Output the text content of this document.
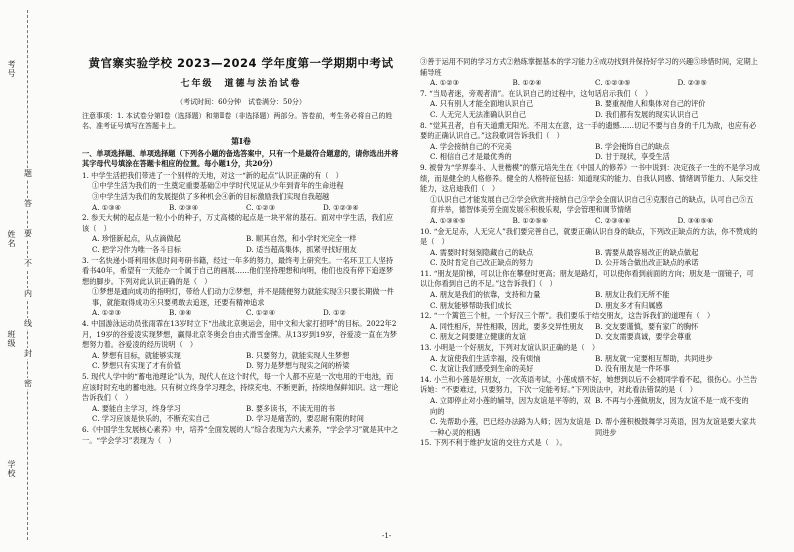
考号
姓名
班级
学校
题
答
要
不
内
线
封
密
黄官寨实验学校 2023—2024 学年度第一学期期中考试
七年级　道德与法治试卷
（考试时间：60分钟　试卷满分：50分）
注意事项：1. 本试卷分第Ⅰ卷（选择题）和第Ⅱ卷（非选择题）两部分。答卷前，考生务必将自己的姓名、准考证号填写在答题卡上。
第Ⅰ卷
一、单项选择题、单项选择题（下列各小题的备选答案中，只有一个是最符合题意的，请你选出并将其字母代号填涂在答题卡相应的位置。每小题1分，共20分）
1. 中学生活把我们带进了一个别样的天地，对这一“新的起点”认识正确的有（　）
①中学生活为我们的一生奠定重要基础②中学时代见证从少年到青年的生命进程
③中学生活为我们的发展提供了多种机会④新的目标激励我们实现自我超越
A. ①③④	B. ②③④	C. ①②③	D. ①②③④
2. 参天大树的起点是一粒小小的种子，万丈高楼的起点是一块平常的基石。面对中学生活，我们应该（　）
A. 珍惜新起点，从点滴做起	B. 顺其自然，和小学时光完全一样
C. 把学习作为唯一各斗目标	D. 适当超高集体，抓紧寻找好朋友
3. 一名快递小哥利用休息时间考研书籍，经过一年多的努力，最终考上研究生。一名环卫工人坚持看书40年，希望有一天能办一个属于自己的画展……他们坚持理想和向明，他们也没有停下追逐梦想的脚步。下列对此认识正确的是（　）
①梦想是通向成功的指明灯，带给人们动力②梦想，并不是随便努力就能实现③只要长期做一件事，就能取得成功④只要勇敢去追逐，还要有精神追求
A. ①②③	B. ③④	C. ①②④	D. ①②
4. 中国游泳运动员张雨霏在13岁时立下“出战北京奥运会，用中文和大家打招呼”的目标。2022年2月，19岁的谷爱凌实现梦想，赢得北京冬奥会自由式滑雪金牌。从13岁到19岁，谷爱凌一直在为梦想努力着。谷爱凌的经历说明（　）
A. 梦想有目标，就能够实现	B. 只要努力，就能实现人生梦想
C. 梦想只有实现了才有价值	D. 努力是梦想与现实之间的桥梁
5. 现代人学中的“蓄电池理论”认为，现代人在这个时代，每一个人都不应是一次电用的干电池，而应该时时充电的蓄电池。只有树立终身学习理念，持续充电、不断更新，持续地保鲜知识。这一理论告诉我们（　）
A. 要能自主学习，终身学习	B. 要多读书，不读无用的书
C. 学习应该是快乐的，不断充实自己	D. 学习是痛苦的，要忍耐有限的时间
6.《中国学生发展核心素养》中，培养“全面发展的人”综合表现为六大素养，“学会学习”就是其中之一。“学会学习”表现为（　）
③善于运用不同的学习方式②熟练掌握基本的学习能力④成功找到并保持好学习的兴趣⑤珍惜时间，定期上辅导班
A. ①②③	B. ①②④	C. ①②③⑤	D. ②③⑤
7. “当局者迷，旁观者清”。在认识自己的过程中，这句话启示我们（　）
A. 只有别人才能全面地认识自己	B. 要重视他人和集体对自己的评价
C. 人无完人无法准确认识自己	D. 我们都有发展的现实认识自己
8. “觉其丑者，自有天道熏无阳光。不用太在意，这一手的遗憾……切记不要与自身的千几为敌，也应有必要的正确认识自己。”这段歌词告诉我们（　）
A. 学会接纳自己的不完美	B. 学会掩饰自己的缺点
C. 相信自己才是最优秀的	D. 甘于现状，享受生活
9. 被誉为“学界泰斗、人世楷模”的蔡元培先生在《中国人的修养》一书中说到：决定孩子一生的不是学习成绩，而是健全的人格修养。健全的人格特征包括：知道现实的能力、自我认同感、情绪调节能力、人际交往能力，这启迪我们（　）
①认识自己才能发展自己②学会欣赏并接纳自己③学会全面认识自己④克服自己的缺点，认可自己⑤五育并举，德智体美劳全面发展⑥积极乐观，学会管理和调节情绪
A. ①③④⑤	B. ①②⑤⑥	C. ②③④⑥	D. ③④⑤⑥
10. “金无足赤，人无完人”我们要完善自己，就要正确认识自身的缺点，下列改正缺点的方法，你不赞成的是（　）
A. 需要时时刻刻隐藏自己的缺点	B. 需要从最容易改正的缺点做起
C. 及时肯定自己改正缺点的努力	D. 公开场合做出改正缺点的承诺
11. “朋友是阶梯，可以让你在攀登时更高；朋友是路灯，可以使你看到前面的方向；朋友是一面镜子，可以让你看到自己的不足。”这告诉我们（　）
A. 朋友是我们的依靠，支持和力量	B. 朋友让我们无所不能
C. 朋友能够帮助我们成长	D. 朋友多才有归属感
12. “一个篱笆三个桩，一个好汉三个帮”。我们要乐于结交朋友，这告诉我们的道理有（　）
A. 同性相斥，异性相吸，因此，要多交异性朋友	B. 交友要谨慎，要有家广的胸怀
C. 朋友之间要建立健康的友谊	D. 交友需要真诚，要学会尊重
13. 小明是一个好朋友，下列对友谊认识正确的是（　）
A. 友谊使我们生活幸福，没有烦恼	B. 朋友就一定要相互帮助，共同进步
C. 友谊让我们感受到生命的美好	D. 没有朋友是一件坏事
14. 小兰和小莲是好朋友，一次英语考试，小莲成绩不好，她想到以后不会被同学看不起，很伤心。小兰告诉她：“不要难过，只要努力，下次一定能考好。”下列说法中，对此看法错误的是（　）
A. 立即停止对小莲的辅导，因为友谊是平等的，双向的
B. 不再与小莲做朋友，因为友谊不是一成不变的
C. 先帮助小莲，巴已经办法路为人师；因为友谊是一种心灵的相遇
D. 帮小莲积极鼓舞学习英语，因为友谊是要大家共同进步
15. 下列不利于维护友谊的交往方式是（　）。
-1-
